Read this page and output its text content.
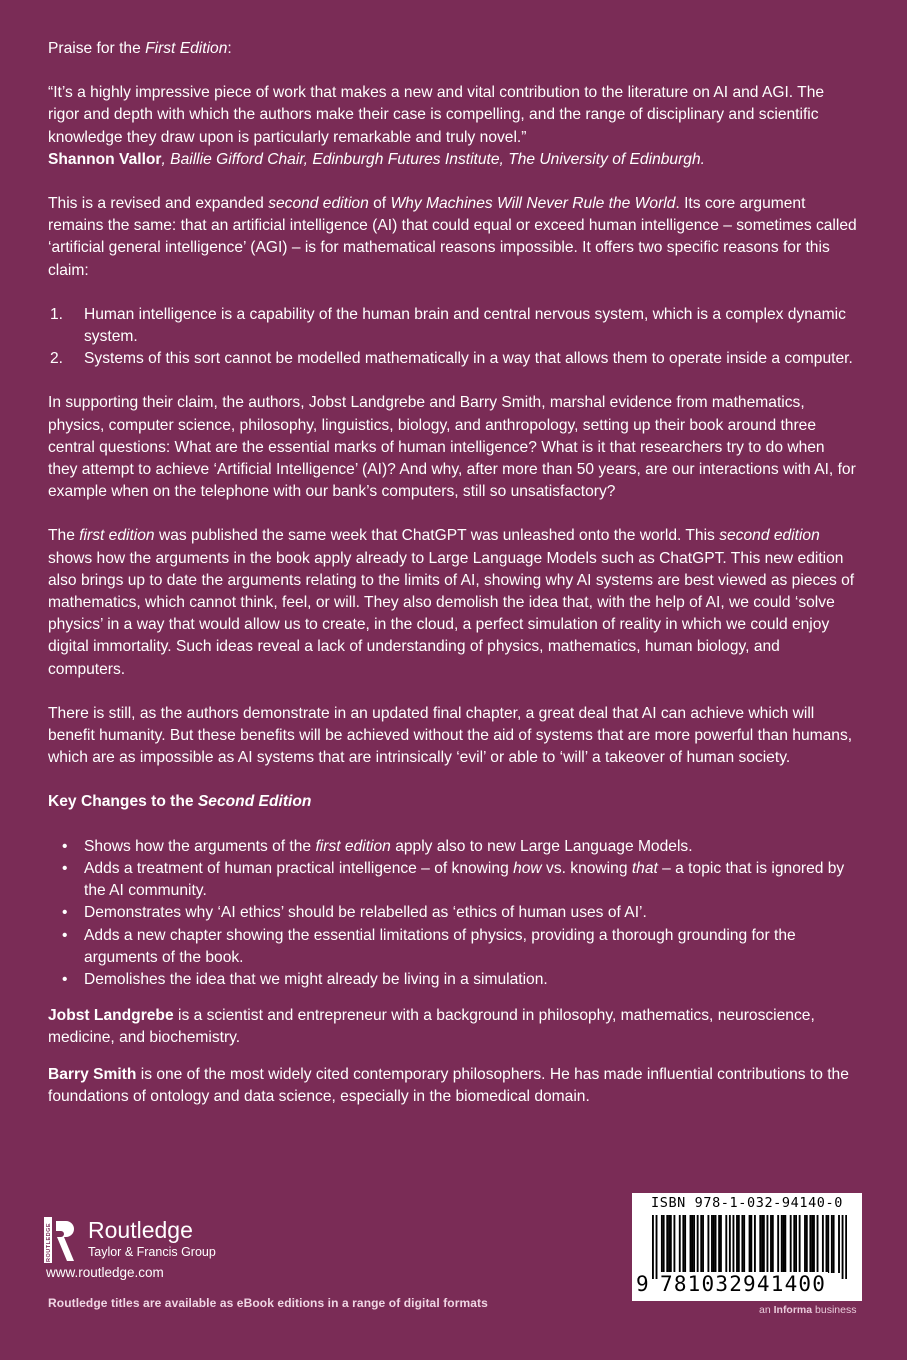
Praise for the First Edition:

“It’s a highly impressive piece of work that makes a new and vital contribution to the literature on AI and AGI. The rigor and depth with which the authors make their case is compelling, and the range of disciplinary and scientific knowledge they draw upon is particularly remarkable and truly novel.”

Shannon Vallor, Baillie Gifford Chair, Edinburgh Futures Institute, The University of Edinburgh.

This is a revised and expanded second edition of Why Machines Will Never Rule the World. Its core argument remains the same: that an artificial intelligence (AI) that could equal or exceed human intelligence – sometimes called ‘artificial general intelligence’ (AGI) – is for mathematical reasons impossible. It offers two specific reasons for this claim:

1. Human intelligence is a capability of the human brain and central nervous system, which is a complex dynamic system.
2. Systems of this sort cannot be modelled mathematically in a way that allows them to operate inside a computer.

In supporting their claim, the authors, Jobst Landgrebe and Barry Smith, marshal evidence from mathematics, physics, computer science, philosophy, linguistics, biology, and anthropology, setting up their book around three central questions: What are the essential marks of human intelligence? What is it that researchers try to do when they attempt to achieve ‘Artificial Intelligence’ (AI)? And why, after more than 50 years, are our interactions with AI, for example when on the telephone with our bank’s computers, still so unsatisfactory?

The first edition was published the same week that ChatGPT was unleashed onto the world. This second edition shows how the arguments in the book apply already to Large Language Models such as ChatGPT. This new edition also brings up to date the arguments relating to the limits of AI, showing why AI systems are best viewed as pieces of mathematics, which cannot think, feel, or will. They also demolish the idea that, with the help of AI, we could ‘solve physics’ in a way that would allow us to create, in the cloud, a perfect simulation of reality in which we could enjoy digital immortality. Such ideas reveal a lack of understanding of physics, mathematics, human biology, and computers.

There is still, as the authors demonstrate in an updated final chapter, a great deal that AI can achieve which will benefit humanity. But these benefits will be achieved without the aid of systems that are more powerful than humans, which are as impossible as AI systems that are intrinsically ‘evil’ or able to ‘will’ a takeover of human society.

Key Changes to the Second Edition

• Shows how the arguments of the first edition apply also to new Large Language Models.
• Adds a treatment of human practical intelligence – of knowing how vs. knowing that – a topic that is ignored by the AI community.
• Demonstrates why ‘AI ethics’ should be relabelled as ‘ethics of human uses of AI’.
• Adds a new chapter showing the essential limitations of physics, providing a thorough grounding for the arguments of the book.
• Demolishes the idea that we might already be living in a simulation.

Jobst Landgrebe is a scientist and entrepreneur with a background in philosophy, mathematics, neuroscience, medicine, and biochemistry.

Barry Smith is one of the most widely cited contemporary philosophers. He has made influential contributions to the foundations of ontology and data science, especially in the biomedical domain.

ROUTLEDGE Routledge
Taylor & Francis Group
www.routledge.com
Routledge titles are available as eBook editions in a range of digital formats
ISBN 978-1-032-94140-0
9 781032941400
an Informa business
